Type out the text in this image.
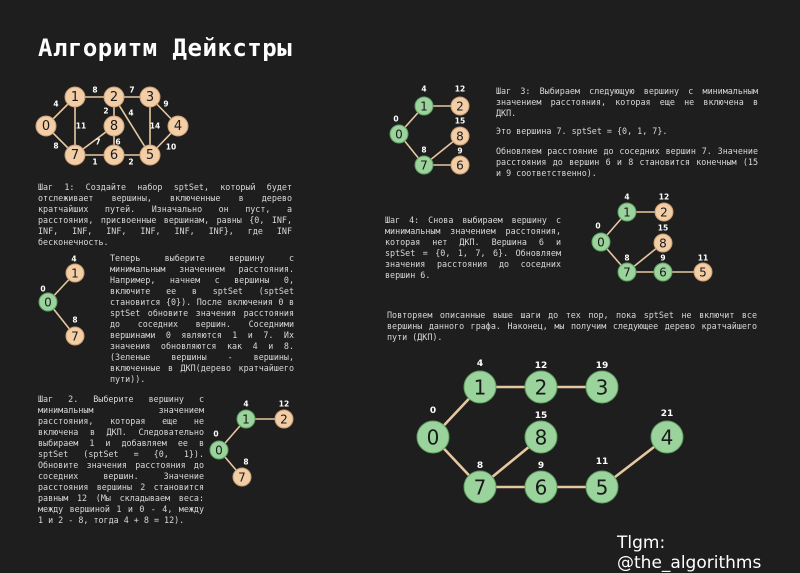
Алгоритм Дейкстры
Шаг 1: Создайте набор sptSet, который будет отслеживает вершины, включенные в дерево кратчайших путей. Изначально он пуст, а расстояния, присвоенные вершинам, равны {0, INF, INF, INF, INF, INF, INF, INF}, где INF бесконечность.
Теперь выберите вершину с минимальным значением расстояния. Например, начнем с вершины 0, включите ее в sptSet (sptSet становится {0}). После включения 0 в sptSet обновите значения расстояния до соседних вершин. Соседними вершинами 0 являются 1 и 7. Их значения обновляются как 4 и 8. (Зеленые вершины - вершины, включенные в ДКП(дерево кратчайшего пути)).
Шаг 2. Выберите вершину с минимальным значением расстояния, которая еще не включена в ДКП. Следовательно выбираем 1 и добавляем ее в sptSet (sptSet = {0, 1}). Обновите значения расстояния до соседних вершин. Значение расстояния вершины 2 становится равным 12 (Мы складываем веса: между вершиной 1 и 0 - 4, между 1 и 2 - 8, тогда 4 + 8 = 12).
Шаг 3: Выбираем следующую вершину с минимальным значением расстояния, которая еще не включена в ДКП.
Это вершина 7. sptSet = {0, 1, 7}.
Обновляем расстояние до соседних вершин 7. Значение расстояния до вершин 6 и 8 становится конечным (15 и 9 соответственно).
Шаг 4: Снова выбираем вершину с минимальным значением расстояния, которая нет ДКП. Вершина 6 и sptSet = {0, 1, 7, 6}. Обновляем значения расстояния до соседних вершин 6.
Повторяем описанные выше шаги до тех пор, пока sptSet не включит все вершины данного графа. Наконец, мы получим следующее дерево кратчайшего пути (ДКП).
Tlgm: @the_algorithms
0
1 2 3
4
5
6
7
8
4
8
8
11
7
2	4
9
14
10
2
1
6
7
0
0
1
4
7
8
0
0
1
4
2
12
7
8
0
0
1
4
2
12
8
15
7
8
6
9
0
0
1
4
2
12
8
15
7
8
6
9
5
11
0
0
1
4
2
12
3
19
8
15
4
21
7
8
6
9
5
11
